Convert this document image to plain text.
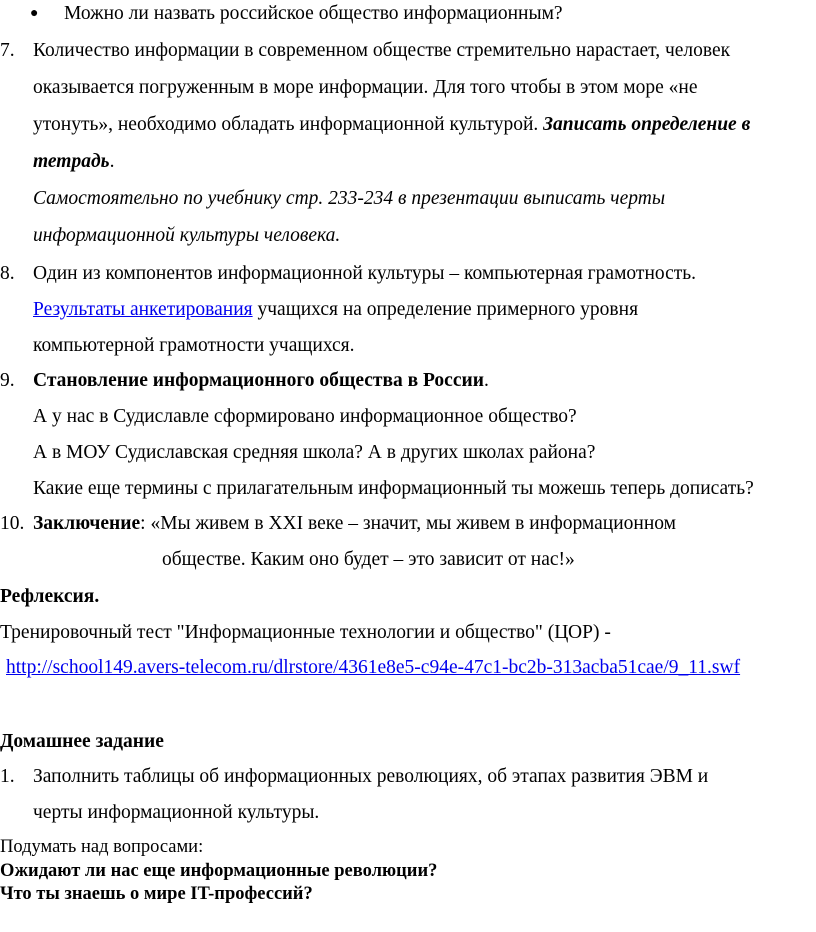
● Можно ли назвать российское общество информационным?
7. Количество информации в современном обществе стремительно нарастает, человек
оказывается погруженным в море информации. Для того чтобы в этом море «не
утонуть», необходимо обладать информационной культурой. Записать определение в
тетрадь.
Самостоятельно по учебнику стр. 233-234 в презентации выписать черты
информационной культуры человека.
8. Один из компонентов информационной культуры – компьютерная грамотность.
Результаты анкетирования учащихся на определение примерного уровня
компьютерной грамотности учащихся.
9. Становление информационного общества в России.
А у нас в Судиславле сформировано информационное общество?
А в МОУ Судиславская средняя школа? А в других школах района?
Какие еще термины с прилагательным информационный ты можешь теперь дописать?
10. Заключение: «Мы живем в XXI веке – значит, мы живем в информационном
обществе. Каким оно будет – это зависит от нас!»
Рефлексия.
Тренировочный тест "Информационные технологии и общество" (ЦОР) -
http://school149.avers-telecom.ru/dlrstore/4361e8e5-c94e-47c1-bc2b-313acba51cae/9_11.swf
Домашнее задание
1. Заполнить таблицы об информационных революциях, об этапах развития ЭВМ и
черты информационной культуры.
Подумать над вопросами:
Ожидают ли нас еще информационные революции?
Что ты знаешь о мире IT-профессий?
